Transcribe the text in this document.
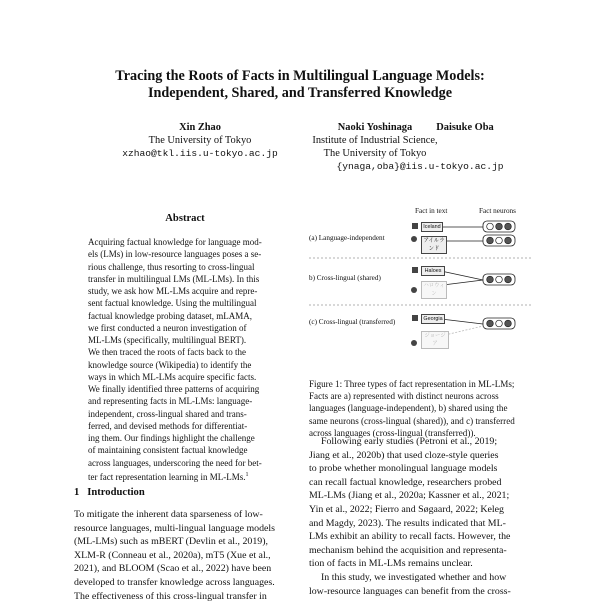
Tracing the Roots of Facts in Multilingual Language Models:
Independent, Shared, and Transferred Knowledge
Xin Zhao
The University of Tokyo
xzhao@tkl.iis.u-tokyo.ac.jp
Naoki Yoshinaga
Institute of Industrial Science,
The University of Tokyo
Daisuke Oba
{ynaga,oba}@iis.u-tokyo.ac.jp
Abstract
Acquiring factual knowledge for language mod-
els (LMs) in low-resource languages poses a se-
rious challenge, thus resorting to cross-lingual
transfer in multilingual LMs (ML-LMs). In this
study, we ask how ML-LMs acquire and repre-
sent factual knowledge. Using the multilingual
factual knowledge probing dataset, mLAMA,
we first conducted a neuron investigation of
ML-LMs (specifically, multilingual BERT).
We then traced the roots of facts back to the
knowledge source (Wikipedia) to identify the
ways in which ML-LMs acquire specific facts.
We finally identified three patterns of acquiring
and representing facts in ML-LMs: language-
independent, cross-lingual shared and trans-
ferred, and devised methods for differentiat-
ing them. Our findings highlight the challenge
of maintaining consistent factual knowledge
across languages, underscoring the need for bet-
ter fact representation learning in ML-LMs.$^1$
1 Introduction
To mitigate the inherent data sparseness of low-
resource languages, multi-lingual language models
(ML-LMs) such as mBERT (Devlin et al., 2019),
XLM-R (Conneau et al., 2020a), mT5 (Xue et al.,
2021), and BLOOM (Scao et al., 2022) have been
developed to transfer knowledge across languages.
The effectiveness of this cross-lingual transfer in
Fact in text	Fact neurons
(a) Language-independent
Iceland
アイルランド
b) Cross-lingual (shared)
Haloes
ハロウィン
(c) Cross-lingual (transferred)	Georgia
ジョージア
Figure 1: Three types of fact representation in ML-LMs;
Facts are a) represented with distinct neurons across
languages (language-independent), b) shared using the
same neurons (cross-lingual (shared)), and c) transferred
across languages (cross-lingual (transferred)).
Following early studies (Petroni et al., 2019;
Jiang et al., 2020b) that used cloze-style queries
to probe whether monolingual language models
can recall factual knowledge, researchers probed
ML-LMs (Jiang et al., 2020a; Kassner et al., 2021;
Yin et al., 2022; Fierro and Søgaard, 2022; Keleg
and Magdy, 2023). The results indicated that ML-
LMs exhibit an ability to recall facts. However, the
mechanism behind the acquisition and representa-
tion of facts in ML-LMs remains unclear.
In this study, we investigated whether and how
low-resource languages can benefit from the cross-
